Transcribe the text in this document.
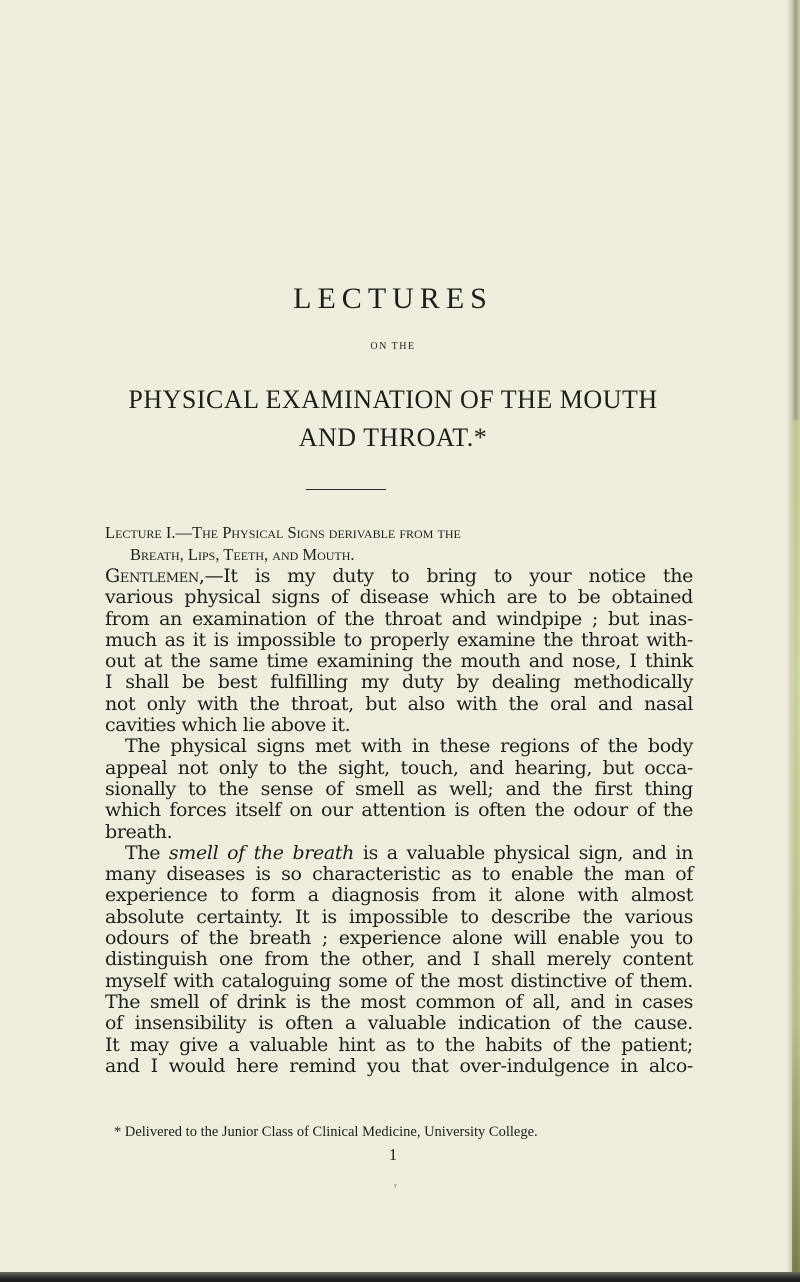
LECTURES
ON THE
PHYSICAL EXAMINATION OF THE MOUTH
AND THROAT.*
Lecture I.—The Physical Signs derivable from the
Breath, Lips, Teeth, and Mouth.
Gentlemen,—It is my duty to bring to your notice the
various physical signs of disease which are to be obtained
from an examination of the throat and windpipe ; but inas-
much as it is impossible to properly examine the throat with-
out at the same time examining the mouth and nose, I think
I shall be best fulfilling my duty by dealing methodically
not only with the throat, but also with the oral and nasal
cavities which lie above it.
The physical signs met with in these regions of the body
appeal not only to the sight, touch, and hearing, but occa-
sionally to the sense of smell as well; and the first thing
which forces itself on our attention is often the odour of the
breath.
The smell of the breath is a valuable physical sign, and in
many diseases is so characteristic as to enable the man of
experience to form a diagnosis from it alone with almost
absolute certainty. It is impossible to describe the various
odours of the breath ; experience alone will enable you to
distinguish one from the other, and I shall merely content
myself with cataloguing some of the most distinctive of them.
The smell of drink is the most common of all, and in cases
of insensibility is often a valuable indication of the cause.
It may give a valuable hint as to the habits of the patient;
and I would here remind you that over-indulgence in alco-
* Delivered to the Junior Class of Clinical Medicine, University College.
1
ʳ
